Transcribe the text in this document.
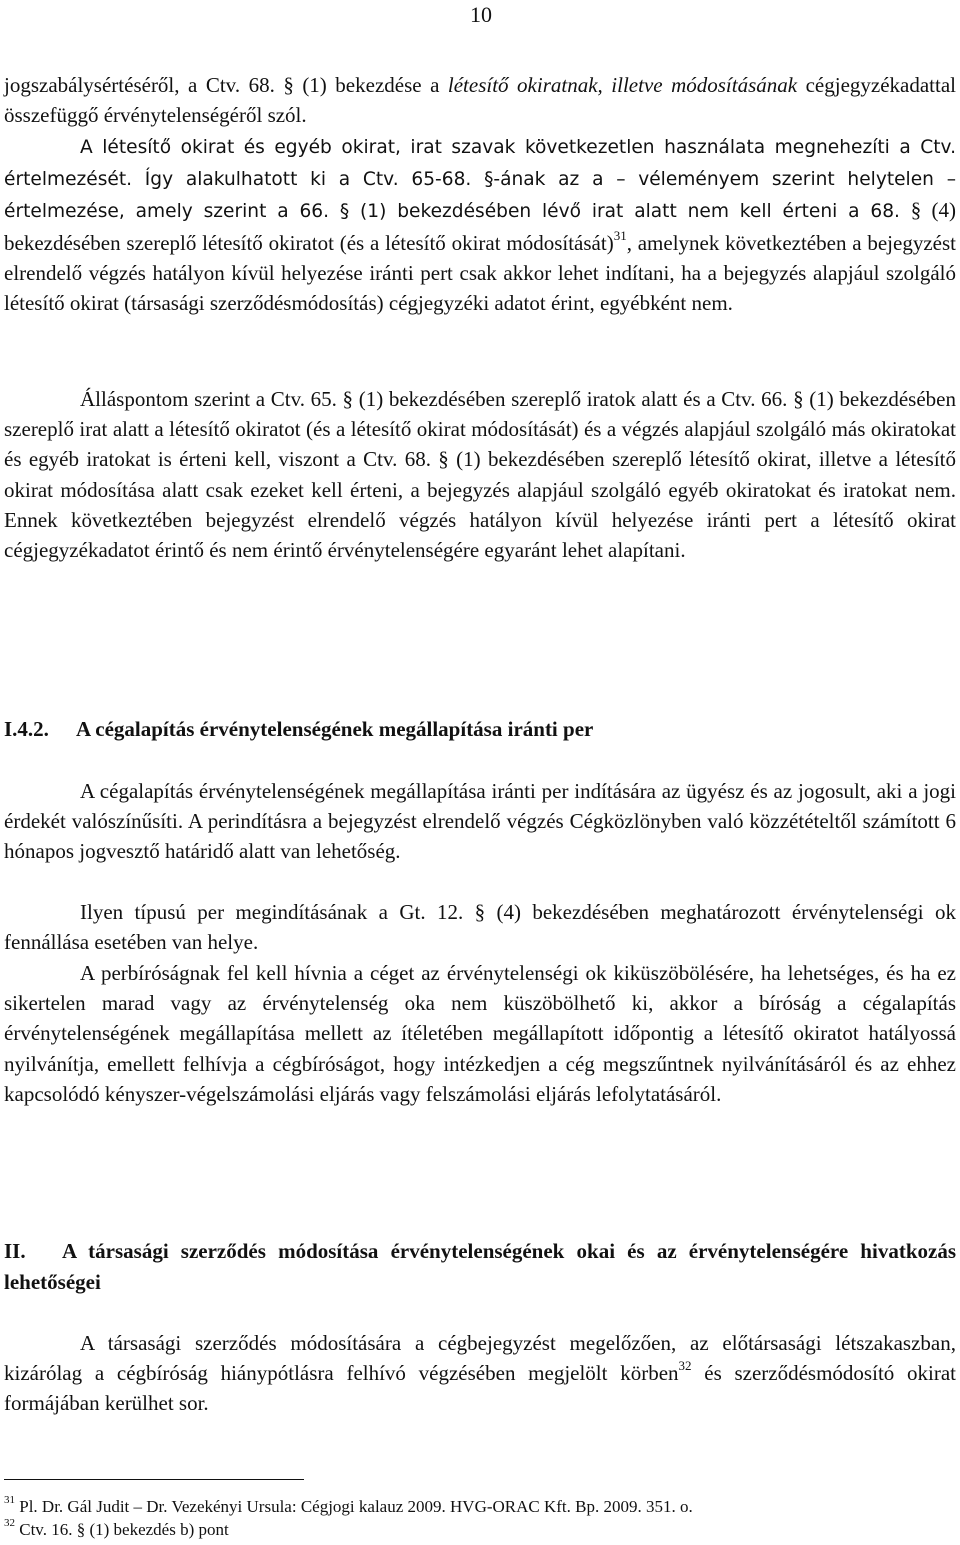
10

jogszabálysértéséről, a Ctv. 68. § (1) bekezdése a létesítő okiratnak, illetve módosításának cégjegyzékadattal összefüggő érvénytelenségéről szól.

A létesítő okirat és egyéb okirat, irat szavak következetlen használata megnehezíti a Ctv. értelmezését. Így alakulhatott ki a Ctv. 65-68. §-ának az a – véleményem szerint helytelen – értelmezése, amely szerint a 66. § (1) bekezdésében lévő irat alatt nem kell érteni a 68. § (4) bekezdésében szereplő létesítő okiratot (és a létesítő okirat módosítását)$^{31}$, amelynek következtében a bejegyzést elrendelő végzés hatályon kívül helyezése iránti pert csak akkor lehet indítani, ha a bejegyzés alapjául szolgáló létesítő okirat (társasági szerződésmódosítás) cégjegyzéki adatot érint, egyébként nem.

Álláspontom szerint a Ctv. 65. § (1) bekezdésében szereplő iratok alatt és a Ctv. 66. § (1) bekezdésében szereplő irat alatt a létesítő okiratot (és a létesítő okirat módosítását) és a végzés alapjául szolgáló más okiratokat és egyéb iratokat is érteni kell, viszont a Ctv. 68. § (1) bekezdésében szereplő létesítő okirat, illetve a létesítő okirat módosítása alatt csak ezeket kell érteni, a bejegyzés alapjául szolgáló egyéb okiratokat és iratokat nem. Ennek következtében bejegyzést elrendelő végzés hatályon kívül helyezése iránti pert a létesítő okirat cégjegyzékadatot érintő és nem érintő érvénytelenségére egyaránt lehet alapítani.

I.4.2. A cégalapítás érvénytelenségének megállapítása iránti per

A cégalapítás érvénytelenségének megállapítása iránti per indítására az ügyész és az jogosult, aki a jogi érdekét valószínűsíti. A perindításra a bejegyzést elrendelő végzés Cégközlönyben való közzétételtől számított 6 hónapos jogvesztő határidő alatt van lehetőség.

Ilyen típusú per megindításának a Gt. 12. § (4) bekezdésében meghatározott érvénytelenségi ok fennállása esetében van helye.

A perbíróságnak fel kell hívnia a céget az érvénytelenségi ok kiküszöbölésére, ha lehetséges, és ha ez sikertelen marad vagy az érvénytelenség oka nem küszöbölhető ki, akkor a bíróság a cégalapítás érvénytelenségének megállapítása mellett az ítéletében megállapított időpontig a létesítő okiratot hatályossá nyilvánítja, emellett felhívja a cégbíróságot, hogy intézkedjen a cég megszűntnek nyilvánításáról és az ehhez kapcsolódó kényszer-végelszámolási eljárás vagy felszámolási eljárás lefolytatásáról.

II. A társasági szerződés módosítása érvénytelenségének okai és az érvénytelenségére hivatkozás lehetőségei

A társasági szerződés módosítására a cégbejegyzést megelőzően, az előtársasági létszakaszban, kizárólag a cégbíróság hiánypótlásra felhívó végzésében megjelölt körben$^{32}$ és szerződésmódosító okirat formájában kerülhet sor.

$^{31}$ Pl. Dr. Gál Judit – Dr. Vezekényi Ursula: Cégjogi kalauz 2009. HVG-ORAC Kft. Bp. 2009. 351. o.

$^{32}$ Ctv. 16. § (1) bekezdés b) pont
